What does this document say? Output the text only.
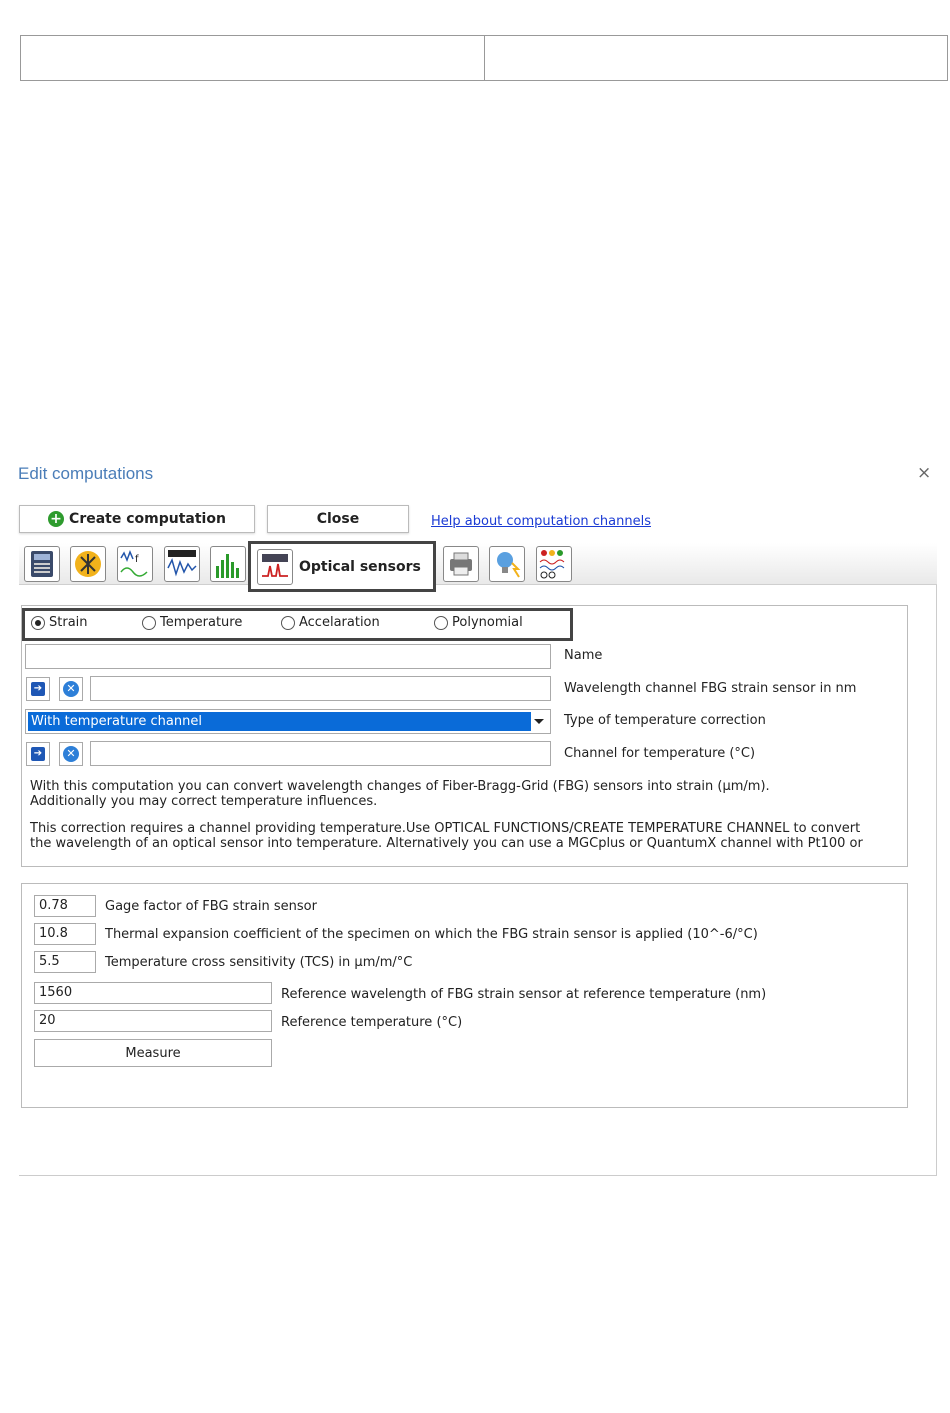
Edit computations	×
+ Create computation	Close	Help about computation channels
f	Optical sensors
Strain	Temperature	Accelaration	Polynomial
Name
➔	✕	Wavelength channel FBG strain sensor in nm
With temperature channel	Type of temperature correction
➔	✕	Channel for temperature (°C)
With this computation you can convert wavelength changes of Fiber-Bragg-Grid (FBG) sensors into strain (µm/m).
Additionally you may correct temperature influences.
This correction requires a channel providing temperature.Use OPTICAL FUNCTIONS/CREATE TEMPERATURE CHANNEL to convert
the wavelength of an optical sensor into temperature. Alternatively you can use a MGCplus or QuantumX channel with Pt100 or
0.78	Gage factor of FBG strain sensor
10.8	Thermal expansion coefficient of the specimen on which the FBG strain sensor is applied (10^-6/°C)
5.5	Temperature cross sensitivity (TCS) in µm/m/°C
1560	Reference wavelength of FBG strain sensor at reference temperature (nm)
20	Reference temperature (°C)
Measure
